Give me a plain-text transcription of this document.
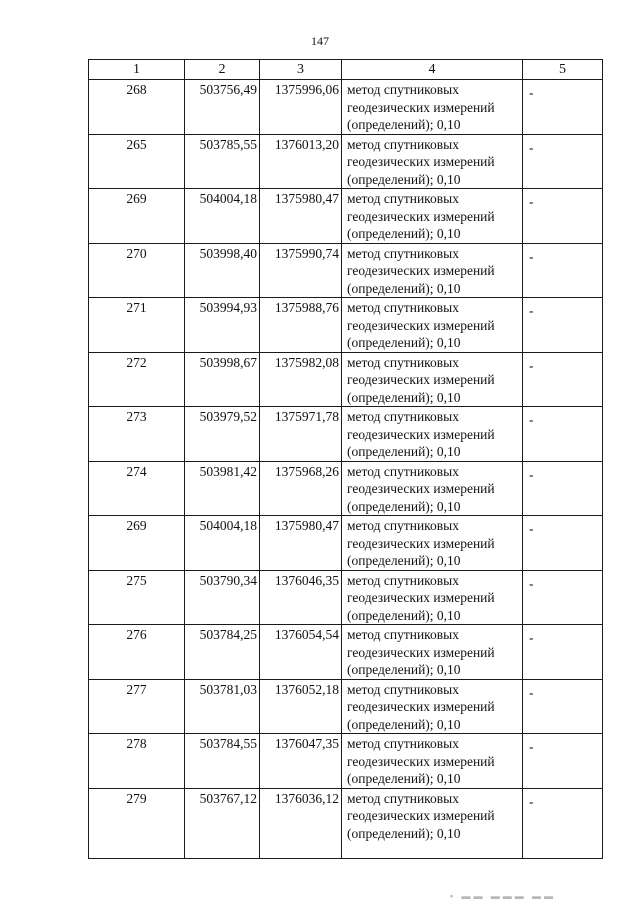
147
1	2	3	4	5
268	503756,49	1375996,06	метод спутниковых
геодезических измерений
(определений); 0,10	-
265	503785,55	1376013,20	метод спутниковых
геодезических измерений
(определений); 0,10	-
269	504004,18	1375980,47	метод спутниковых
геодезических измерений
(определений); 0,10	-
270	503998,40	1375990,74	метод спутниковых
геодезических измерений
(определений); 0,10	-
271	503994,93	1375988,76	метод спутниковых
геодезических измерений
(определений); 0,10	-
272	503998,67	1375982,08	метод спутниковых
геодезических измерений
(определений); 0,10	-
273	503979,52	1375971,78	метод спутниковых
геодезических измерений
(определений); 0,10	-
274	503981,42	1375968,26	метод спутниковых
геодезических измерений
(определений); 0,10	-
269	504004,18	1375980,47	метод спутниковых
геодезических измерений
(определений); 0,10	-
275	503790,34	1376046,35	метод спутниковых
геодезических измерений
(определений); 0,10	-
276	503784,25	1376054,54	метод спутниковых
геодезических измерений
(определений); 0,10	-
277	503781,03	1376052,18	метод спутниковых
геодезических измерений
(определений); 0,10	-
278	503784,55	1376047,35	метод спутниковых
геодезических измерений
(определений); 0,10	-
279	503767,12	1376036,12	метод спутниковых
геодезических измерений
(определений); 0,10	-
▪ ▬▬ ▬▬▬ ▬▬
